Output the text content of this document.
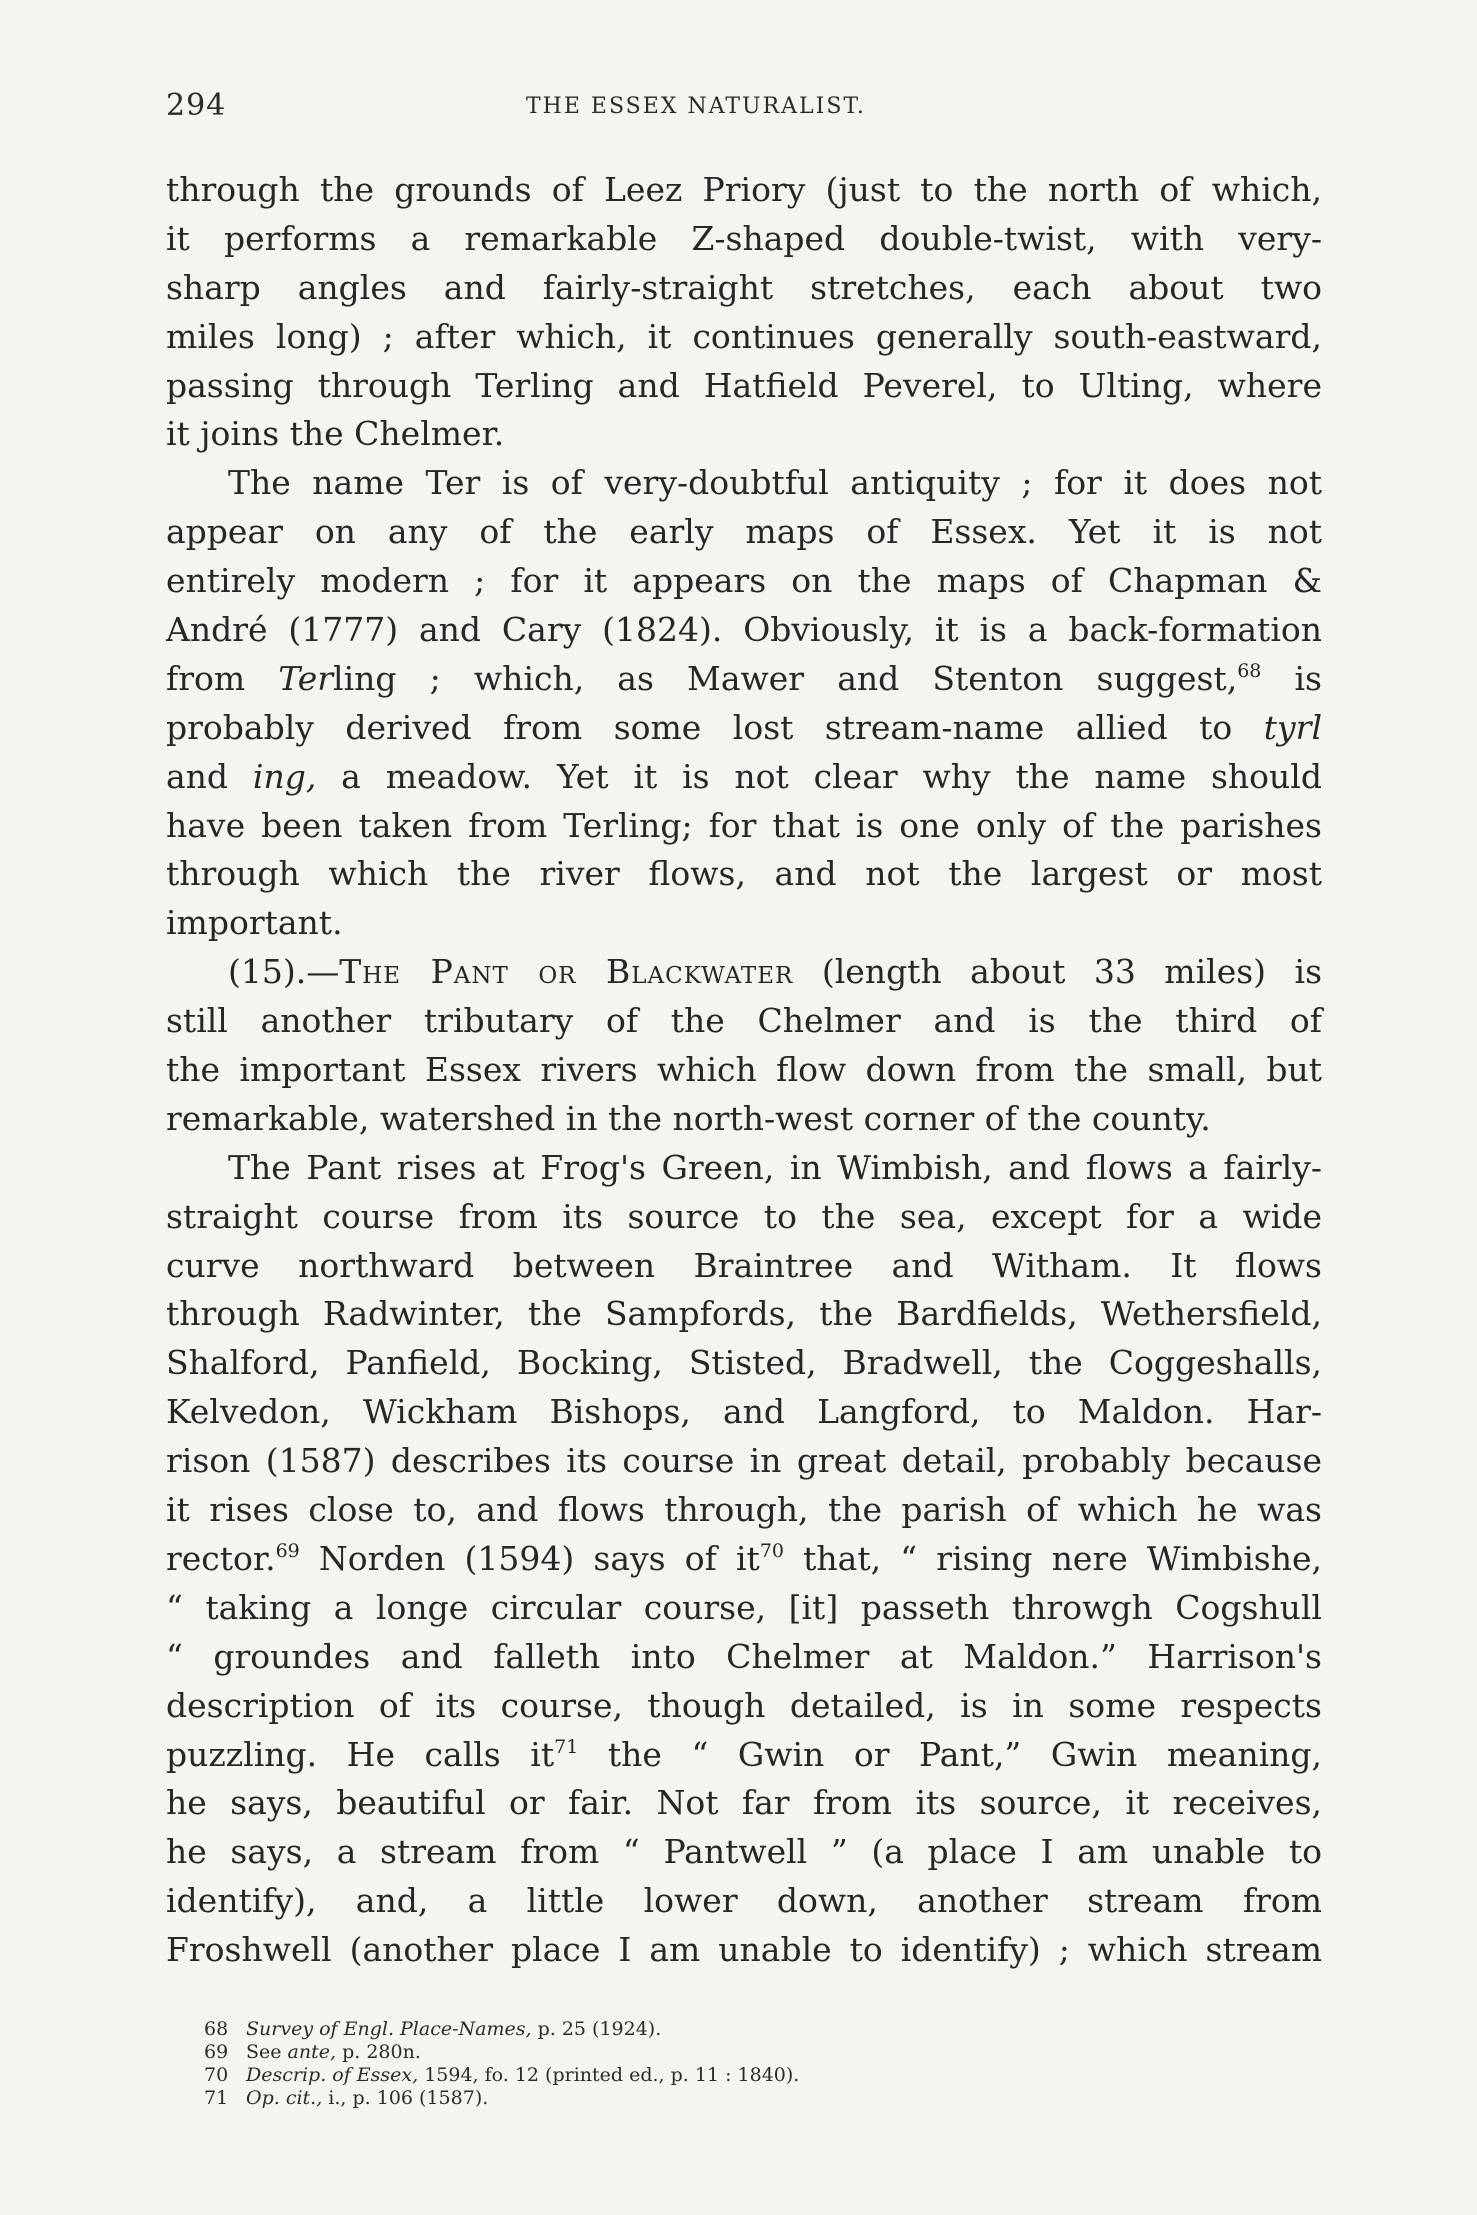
294	THE ESSEX NATURALIST.
through the grounds of Leez Priory (just to the north of which,
it performs a remarkable Z-shaped double-twist, with very-
sharp angles and fairly-straight stretches, each about two
miles long) ; after which, it continues generally south-eastward,
passing through Terling and Hatfield Peverel, to Ulting, where
it joins the Chelmer.
The name Ter is of very-doubtful antiquity ; for it does not
appear on any of the early maps of Essex. Yet it is not
entirely modern ; for it appears on the maps of Chapman &
André (1777) and Cary (1824). Obviously, it is a back-formation
from Terling ; which, as Mawer and Stenton suggest,$^{68}$ is
probably derived from some lost stream-name allied to tyrl
and ing, a meadow. Yet it is not clear why the name should
have been taken from Terling; for that is one only of the parishes
through which the river flows, and not the largest or most
important.
(15).—The Pant or Blackwater (length about 33 miles) is
still another tributary of the Chelmer and is the third of
the important Essex rivers which flow down from the small, but
remarkable, watershed in the north-west corner of the county.
The Pant rises at Frog's Green, in Wimbish, and flows a fairly-
straight course from its source to the sea, except for a wide
curve northward between Braintree and Witham. It flows
through Radwinter, the Sampfords, the Bardfields, Wethersfield,
Shalford, Panfield, Bocking, Stisted, Bradwell, the Coggeshalls,
Kelvedon, Wickham Bishops, and Langford, to Maldon. Har-
rison (1587) describes its course in great detail, probably because
it rises close to, and flows through, the parish of which he was
rector.$^{69}$ Norden (1594) says of $it^{70}$ that, “ rising nere Wimbishe,
“ taking a longe circular course, [it] passeth throwgh Cogshull
“ groundes and falleth into Chelmer at Maldon.” Harrison's
description of its course, though detailed, is in some respects
puzzling. He calls $it^{71}$ the “ Gwin or Pant,” Gwin meaning,
he says, beautiful or fair. Not far from its source, it receives,
he says, a stream from “ Pantwell ” (a place I am unable to
identify), and, a little lower down, another stream from
Froshwell (another place I am unable to identify) ; which stream
68 Survey of Engl. Place-Names, p. 25 (1924).
69 See ante, p. 280n.
70 Descrip. of Essex, 1594, fo. 12 (printed ed., p. 11 : 1840).
71 Op. cit., i., p. 106 (1587).
